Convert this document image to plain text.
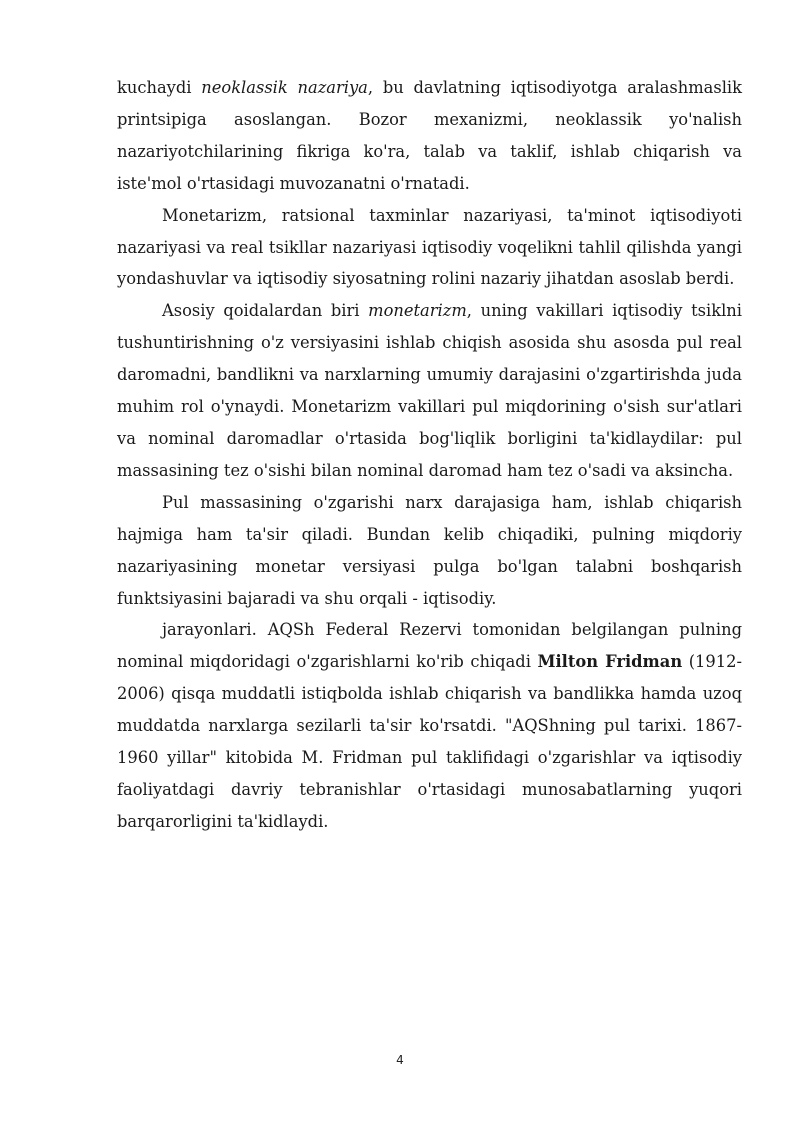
kuchaydi neoklassik nazariya, bu davlatning iqtisodiyotga aralashmaslik printsipiga asoslangan. Bozor mexanizmi, neoklassik yo'nalish nazariyotchilarining fikriga ko'ra, talab va taklif, ishlab chiqarish va iste'mol o'rtasidagi muvozanatni o'rnatadi.

Monetarizm, ratsional taxminlar nazariyasi, ta'minot iqtisodiyoti nazariyasi va real tsikllar nazariyasi iqtisodiy voqelikni tahlil qilishda yangi yondashuvlar va iqtisodiy siyosatning rolini nazariy jihatdan asoslab berdi.

Asosiy qoidalardan biri monetarizm, uning vakillari iqtisodiy tsiklni tushuntirishning o'z versiyasini ishlab chiqish asosida shu asosda pul real daromadni, bandlikni va narxlarning umumiy darajasini o'zgartirishda juda muhim rol o'ynaydi. Monetarizm vakillari pul miqdorining o'sish sur'atlari va nominal daromadlar o'rtasida bog'liqlik borligini ta'kidlaydilar: pul massasining tez o'sishi bilan nominal daromad ham tez o'sadi va aksincha.

Pul massasining o'zgarishi narx darajasiga ham, ishlab chiqarish hajmiga ham ta'sir qiladi. Bundan kelib chiqadiki, pulning miqdoriy nazariyasining monetar versiyasi pulga bo'lgan talabni boshqarish funktsiyasini bajaradi va shu orqali - iqtisodiy.

jarayonlari. AQSh Federal Rezervi tomonidan belgilangan pulning nominal miqdoridagi o'zgarishlarni ko'rib chiqadi Milton Fridman (1912-2006) qisqa muddatli istiqbolda ishlab chiqarish va bandlikka hamda uzoq muddatda narxlarga sezilarli ta'sir ko'rsatdi. "AQShning pul tarixi. 1867-1960 yillar" kitobida M. Fridman pul taklifidagi o'zgarishlar va iqtisodiy faoliyatdagi davriy tebranishlar o'rtasidagi munosabatlarning yuqori barqarorligini ta'kidlaydi.

4
